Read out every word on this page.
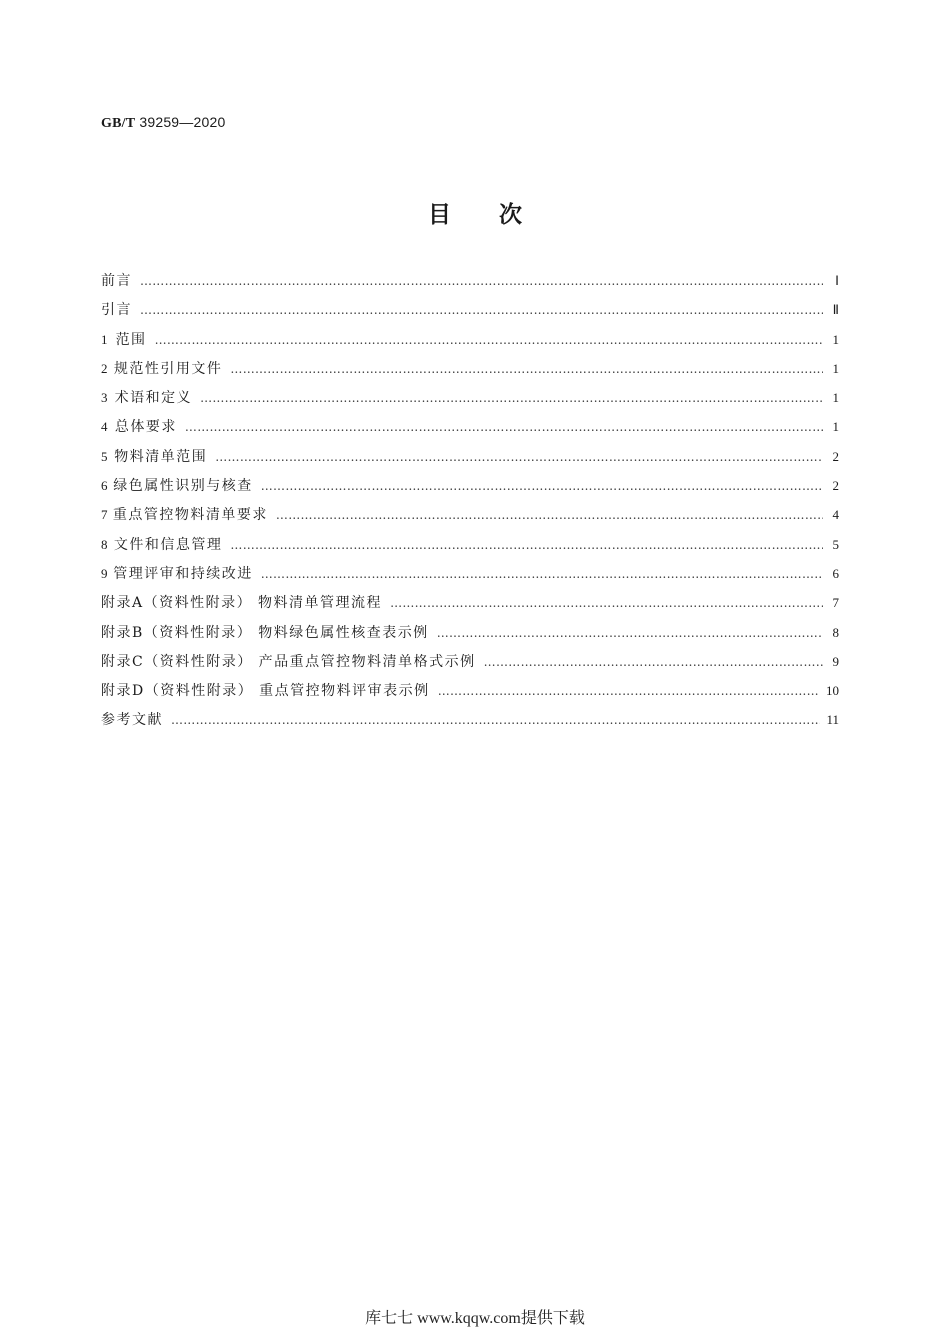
GB/T 39259—2020
目次
前言 …………………………………………………………………………………………………………………………………………………………………………………………………………………………………………………………………	Ⅰ
引言 …………………………………………………………………………………………………………………………………………………………………………………………………………………………………………………………………	Ⅱ
1 范围 …………………………………………………………………………………………………………………………………………………………………………………………………………………………………………………………………	1
2 规范性引用文件 …………………………………………………………………………………………………………………………………………………………………………………………………………………………………………………………………	1
3 术语和定义 …………………………………………………………………………………………………………………………………………………………………………………………………………………………………………………………………	1
4 总体要求 …………………………………………………………………………………………………………………………………………………………………………………………………………………………………………………………………	1
5 物料清单范围 …………………………………………………………………………………………………………………………………………………………………………………………………………………………………………………………………	2
6 绿色属性识别与核查 …………………………………………………………………………………………………………………………………………………………………………………………………………………………………………………………………	2
7 重点管控物料清单要求 …………………………………………………………………………………………………………………………………………………………………………………………………………………………………………………………………	4
8 文件和信息管理 …………………………………………………………………………………………………………………………………………………………………………………………………………………………………………………………………	5
9 管理评审和持续改进 …………………………………………………………………………………………………………………………………………………………………………………………………………………………………………………………………	6
附录A（资料性附录） 物料清单管理流程 …………………………………………………………………………………………………………………………………………………………………………………………………………………………………………………………………	7
附录B（资料性附录） 物料绿色属性核查表示例 …………………………………………………………………………………………………………………………………………………………………………………………………………………………………………………………………	8
附录C（资料性附录） 产品重点管控物料清单格式示例 …………………………………………………………………………………………………………………………………………………………………………………………………………………………………………………………………	9
附录D（资料性附录） 重点管控物料评审表示例 …………………………………………………………………………………………………………………………………………………………………………………………………………………………………………………………………	10
参考文献 …………………………………………………………………………………………………………………………………………………………………………………………………………………………………………………………………	11
库七七 www.kqqw.com提供下载
